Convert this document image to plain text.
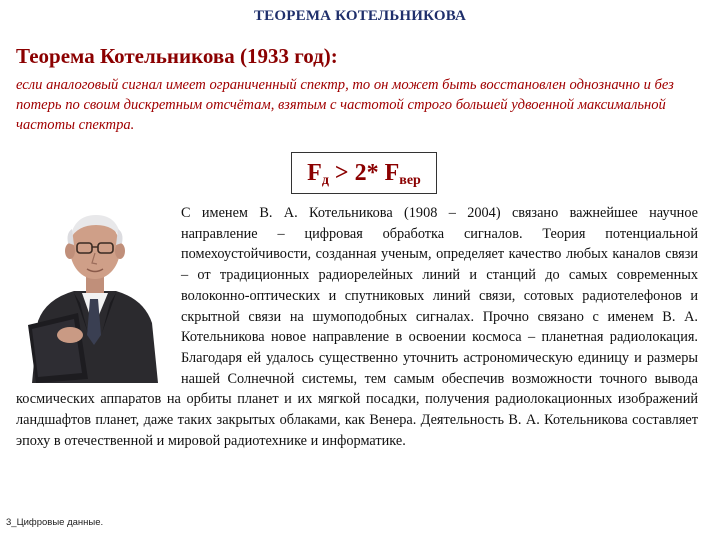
ТЕОРЕМА КОТЕЛЬНИКОВА
Теорема Котельникова (1933 год):
если аналоговый сигнал имеет ограниченный спектр, то он может быть восстановлен однозначно и без потерь по своим дискретным отсчётам, взятым с частотой строго большей удвоенной максимальной частоты спектра.
Fд > 2* Fвер
С именем В. А. Котельникова (1908 – 2004) связано важнейшее научное направление – цифровая обработка сигналов. Теория потенциальной помехоустойчивости, созданная ученым, определяет качество любых каналов связи – от традиционных радиорелейных линий и станций до самых современных волоконно-оптических и спутниковых линий связи, сотовых радиотелефонов и скрытной связи на шумоподобных сигналах. Прочно связано с именем В. А. Котельникова новое направление в освоении космоса – планетная радиолокация. Благодаря ей удалось существенно уточнить астрономическую единицу и размеры нашей Солнечной системы, тем самым обеспечив возможности точного вывода космических аппаратов на орбиты планет и их мягкой посадки, получения радиолокационных изображений ландшафтов планет, даже таких закрытых облаками, как Венера. Деятельность В. А. Котельникова составляет эпоху в отечественной и мировой радиотехнике и информатике.
3_Цифровые данные.
